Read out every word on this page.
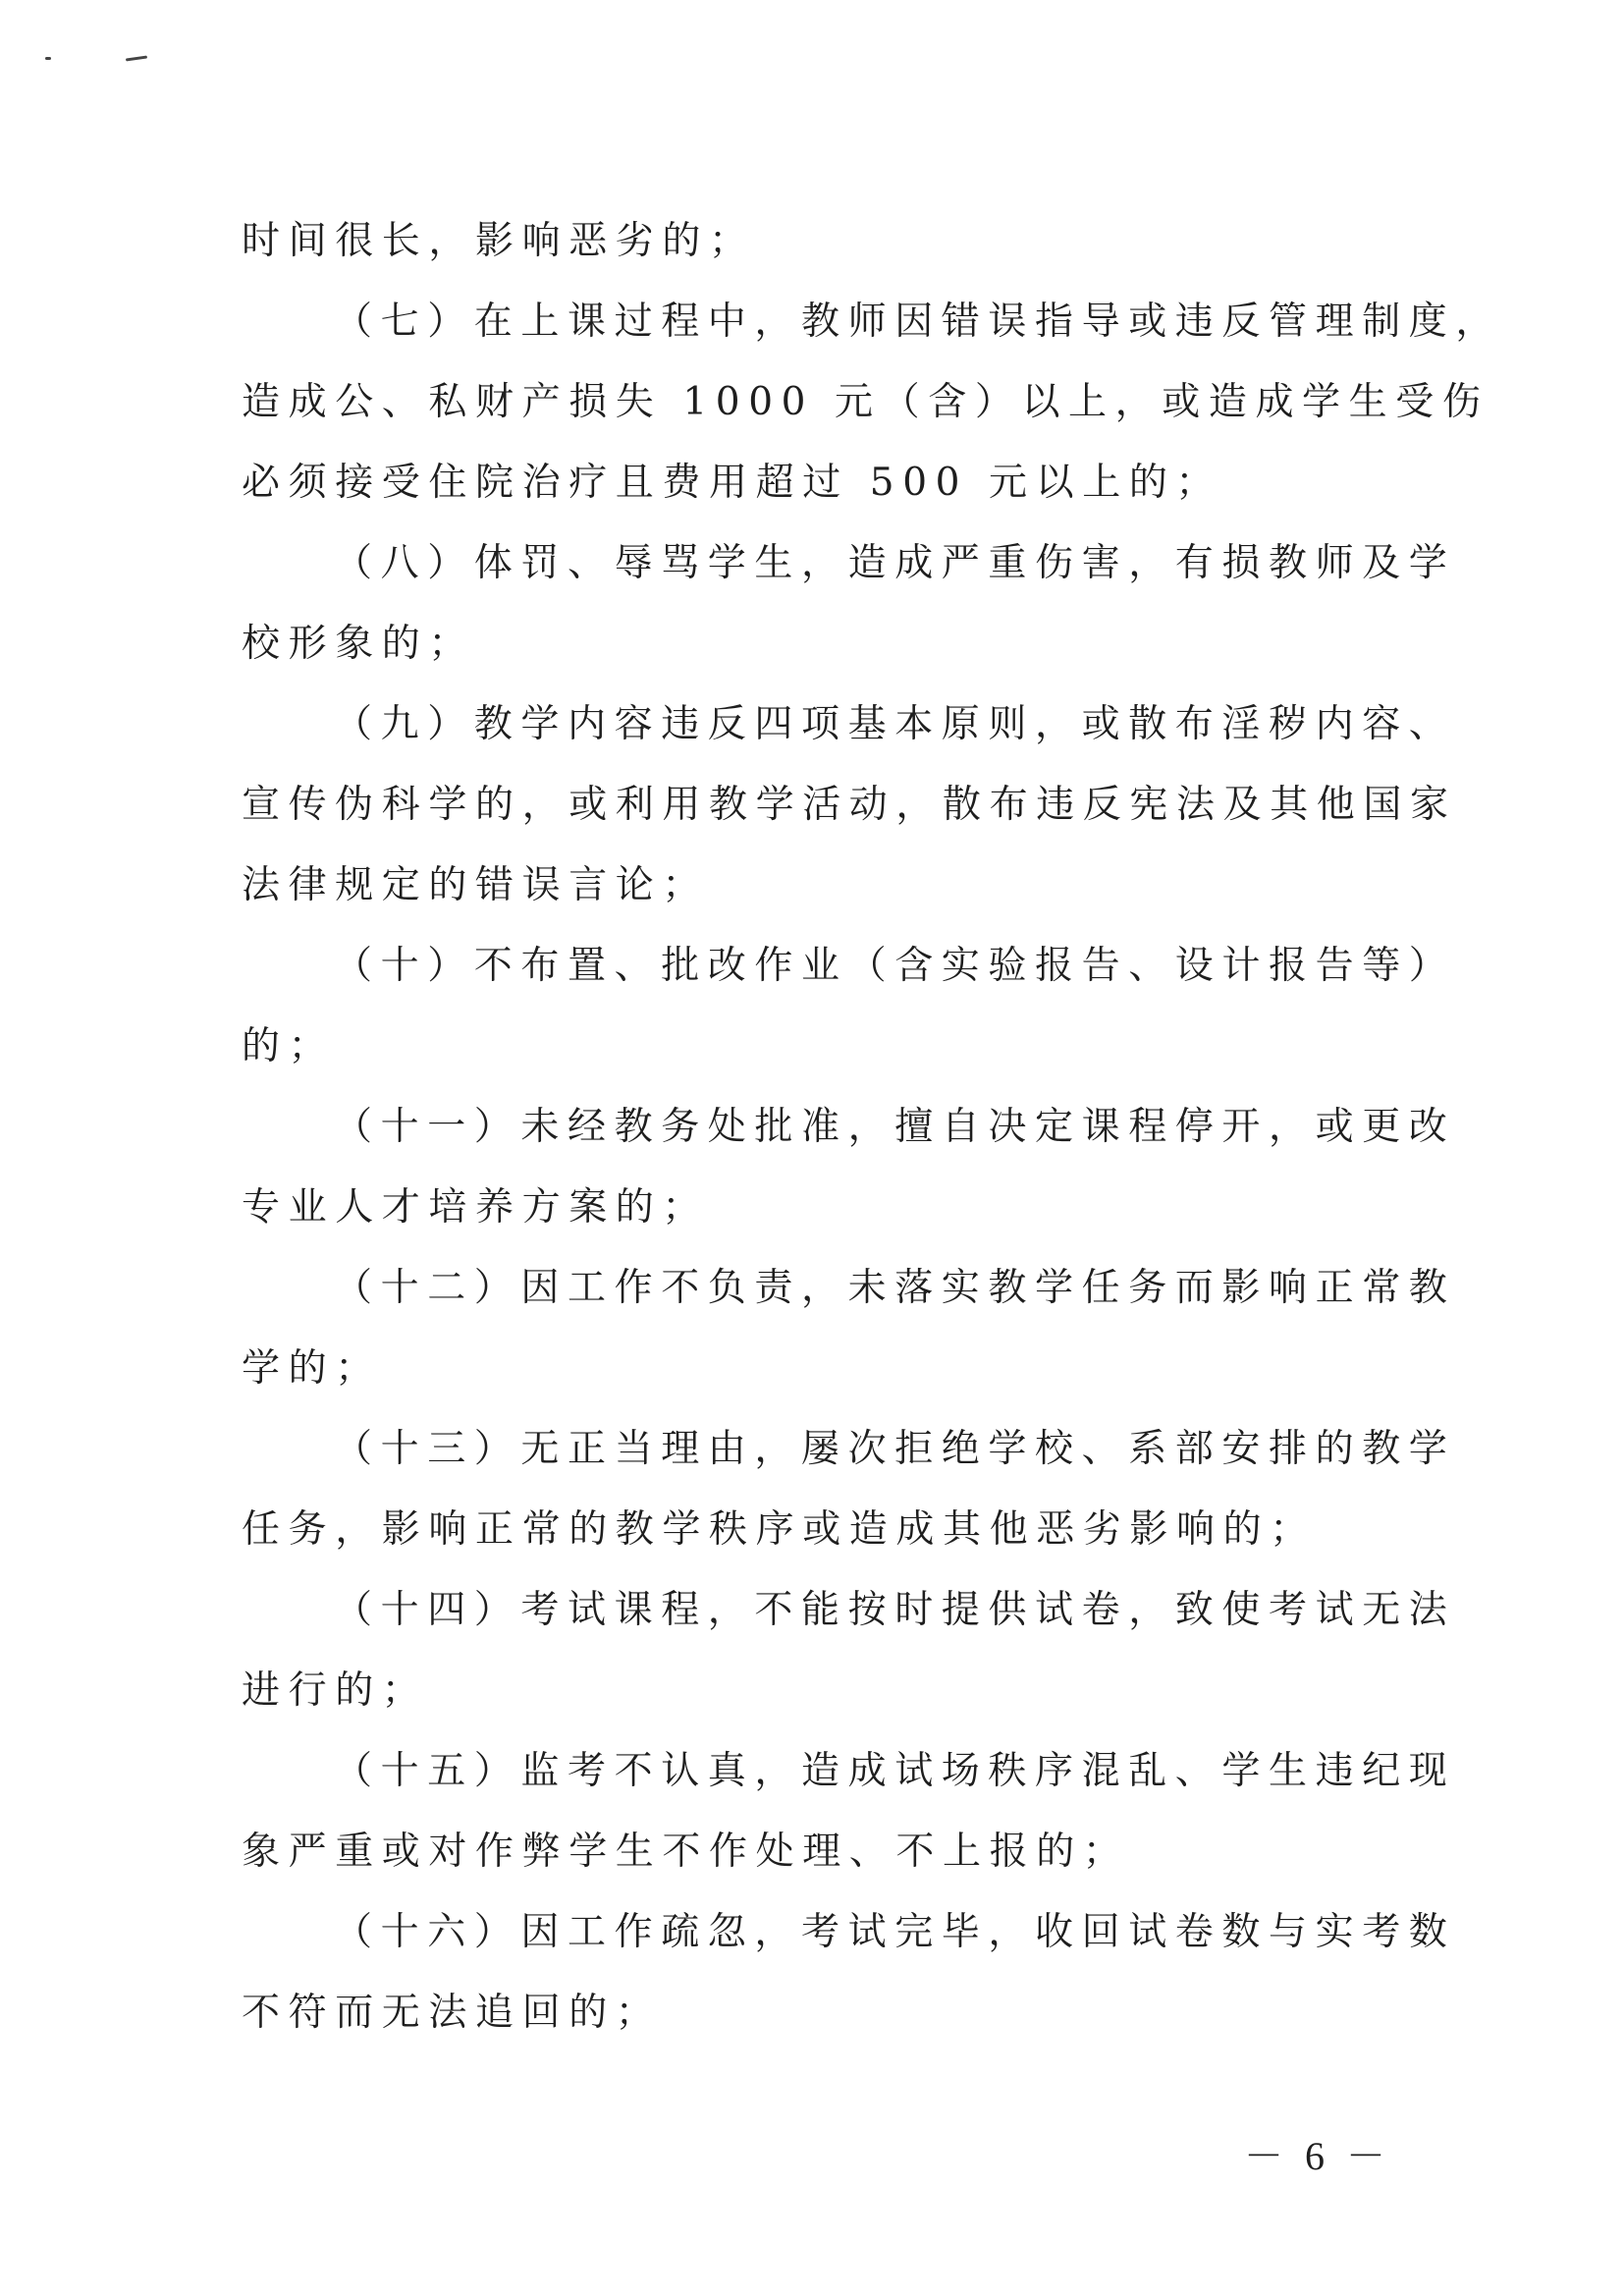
时间很长，影响恶劣的；
（七）在上课过程中，教师因错误指导或违反管理制度，
造成公、私财产损失 1000 元（含）以上，或造成学生受伤
必须接受住院治疗且费用超过 500 元以上的；
（八）体罚、辱骂学生，造成严重伤害，有损教师及学
校形象的；
（九）教学内容违反四项基本原则，或散布淫秽内容、
宣传伪科学的，或利用教学活动，散布违反宪法及其他国家
法律规定的错误言论；
（十）不布置、批改作业（含实验报告、设计报告等）
的；
（十一）未经教务处批准，擅自决定课程停开，或更改
专业人才培养方案的；
（十二）因工作不负责，未落实教学任务而影响正常教
学的；
（十三）无正当理由，屡次拒绝学校、系部安排的教学
任务，影响正常的教学秩序或造成其他恶劣影响的；
（十四）考试课程，不能按时提供试卷，致使考试无法
进行的；
（十五）监考不认真，造成试场秩序混乱、学生违纪现
象严重或对作弊学生不作处理、不上报的；
（十六）因工作疏忽，考试完毕，收回试卷数与实考数
不符而无法追回的；
－ 6 －
